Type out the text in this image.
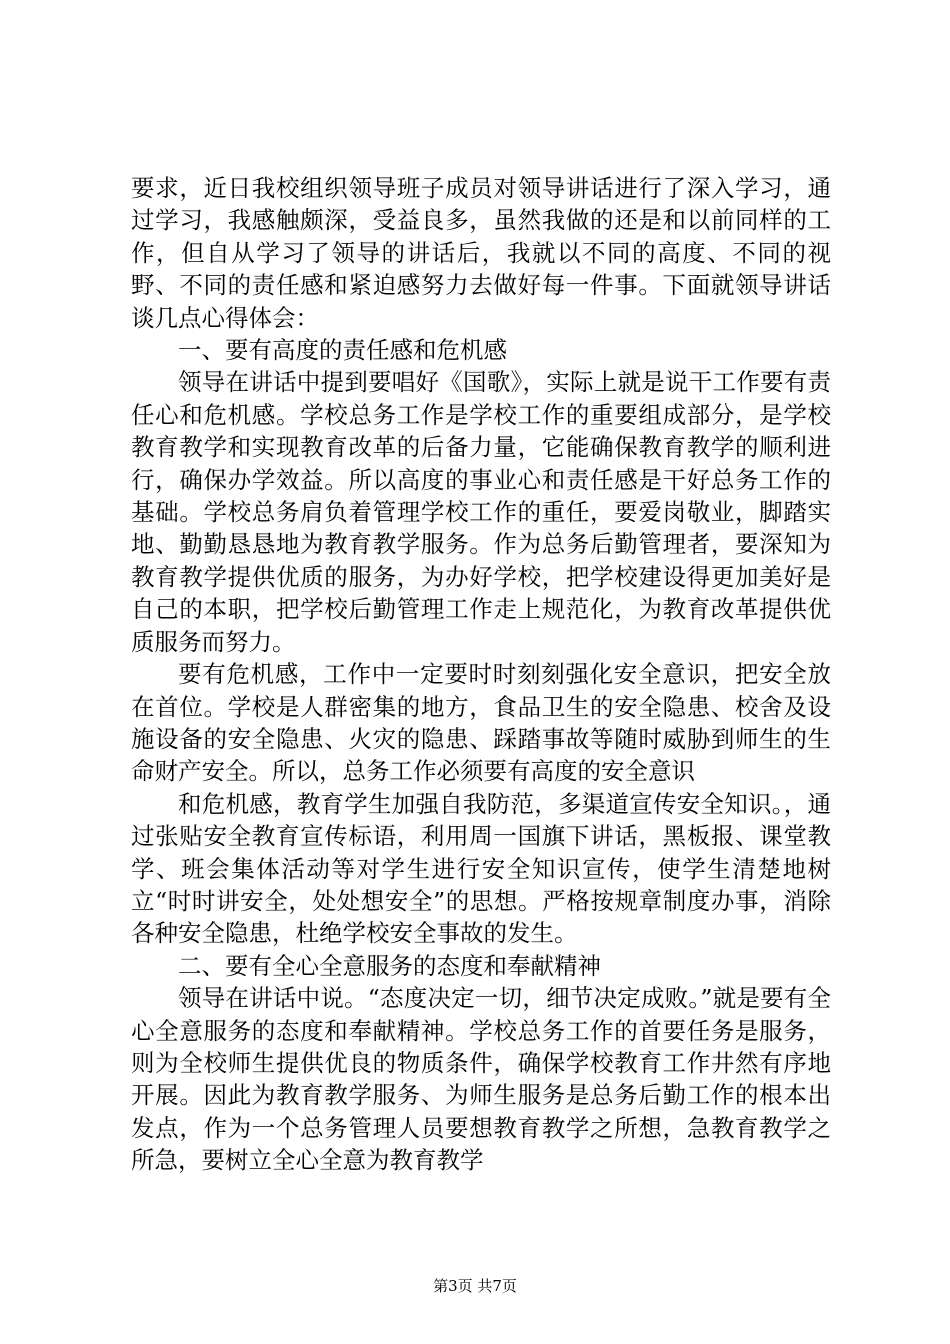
要求，近日我校组织领导班子成员对领导讲话进行了深入学习，通过学习，我感触颇深，受益良多，虽然我做的还是和以前同样的工作，但自从学习了领导的讲话后，我就以不同的高度、不同的视野、不同的责任感和紧迫感努力去做好每一件事。下面就领导讲话谈几点心得体会：

一、要有高度的责任感和危机感

领导在讲话中提到要唱好《国歌》，实际上就是说干工作要有责任心和危机感。学校总务工作是学校工作的重要组成部分，是学校教育教学和实现教育改革的后备力量，它能确保教育教学的顺利进行，确保办学效益。所以高度的事业心和责任感是干好总务工作的基础。学校总务肩负着管理学校工作的重任，要爱岗敬业，脚踏实地、勤勤恳恳地为教育教学服务。作为总务后勤管理者，要深知为教育教学提供优质的服务，为办好学校，把学校建设得更加美好是自己的本职，把学校后勤管理工作走上规范化，为教育改革提供优质服务而努力。

要有危机感，工作中一定要时时刻刻强化安全意识，把安全放在首位。学校是人群密集的地方，食品卫生的安全隐患、校舍及设施设备的安全隐患、火灾的隐患、踩踏事故等随时威胁到师生的生命财产安全。所以，总务工作必须要有高度的安全意识

和危机感，教育学生加强自我防范，多渠道宣传安全知识。，通过张贴安全教育宣传标语，利用周一国旗下讲话，黑板报、课堂教学、班会集体活动等对学生进行安全知识宣传，使学生清楚地树立“时时讲安全，处处想安全”的思想。严格按规章制度办事，消除各种安全隐患，杜绝学校安全事故的发生。

二、要有全心全意服务的态度和奉献精神

领导在讲话中说。“态度决定一切，细节决定成败。”就是要有全心全意服务的态度和奉献精神。学校总务工作的首要任务是服务，则为全校师生提供优良的物质条件，确保学校教育工作井然有序地开展。因此为教育教学服务、为师生服务是总务后勤工作的根本出发点，作为一个总务管理人员要想教育教学之所想，急教育教学之所急，要树立全心全意为教育教学

第3页 共7页
